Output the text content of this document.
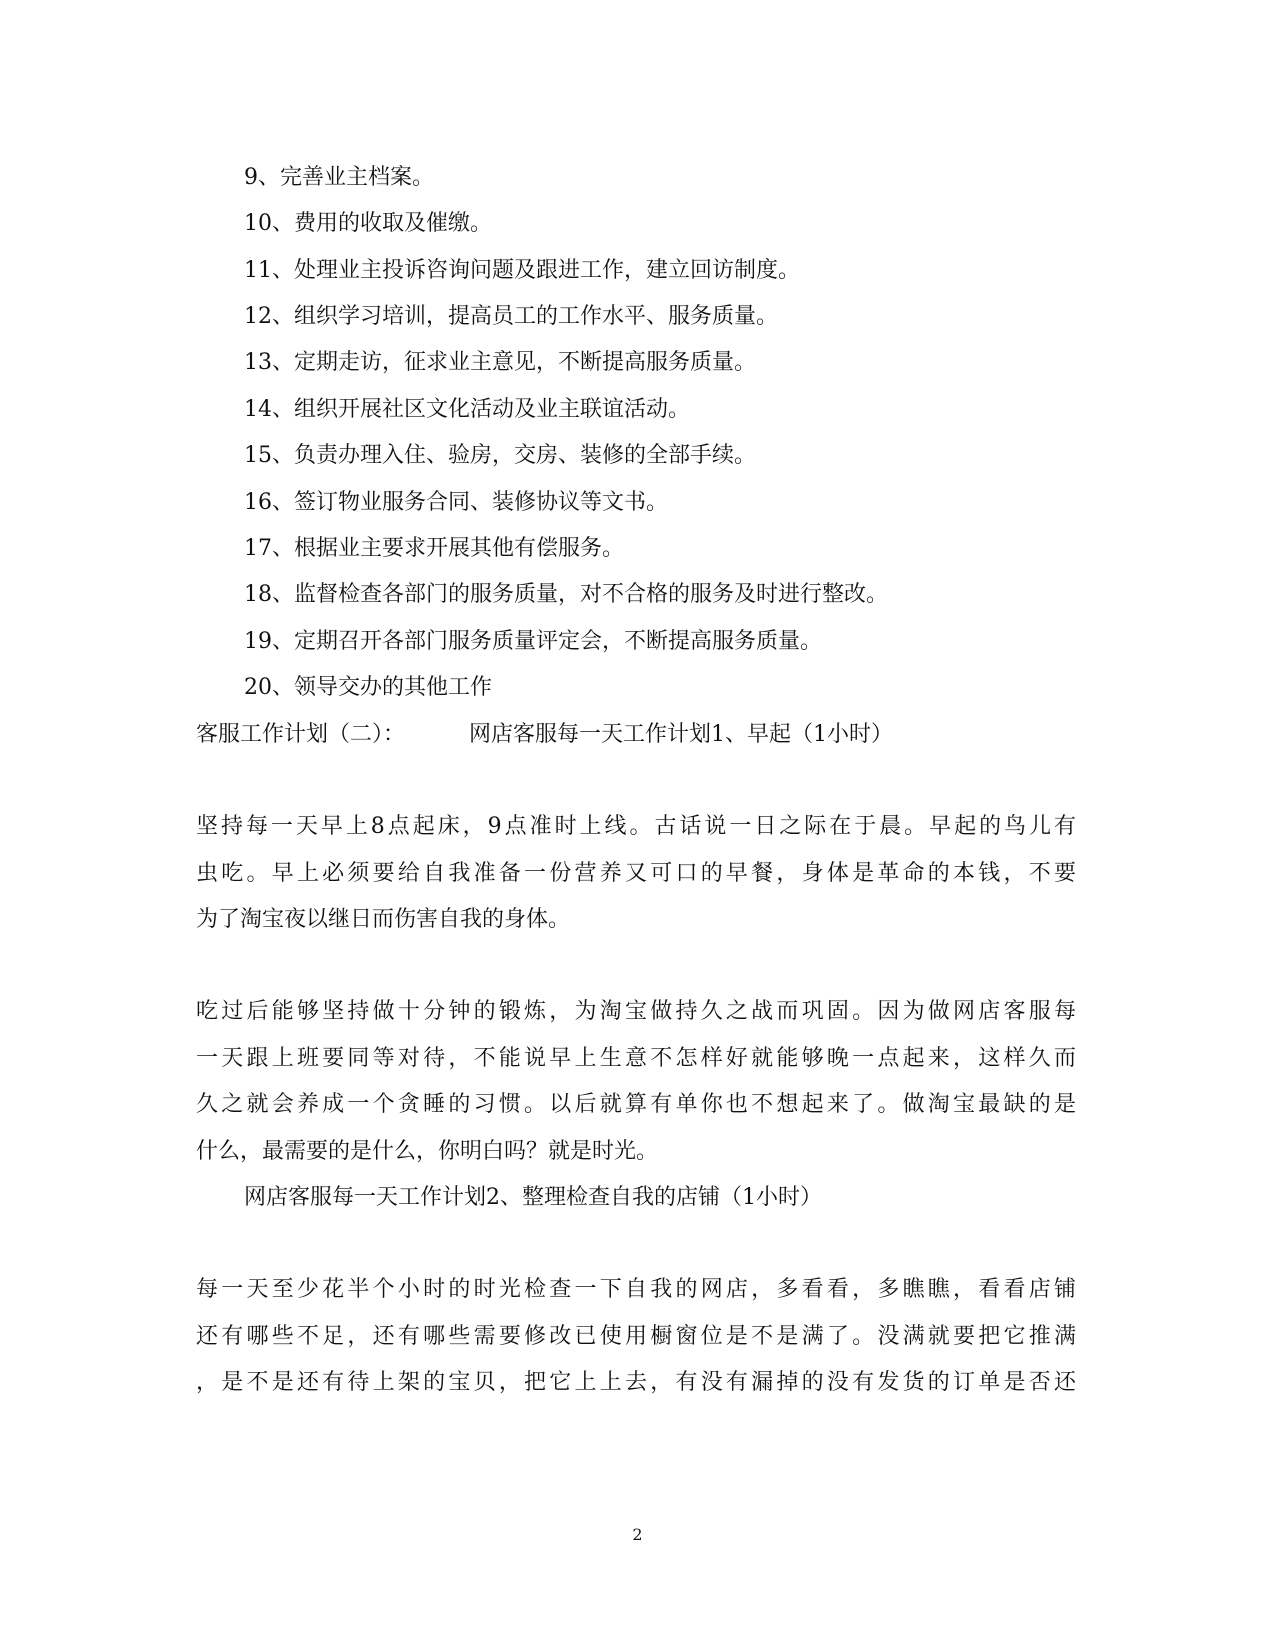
9、完善业主档案。
10、费用的收取及催缴。
11、处理业主投诉咨询问题及跟进工作，建立回访制度。
12、组织学习培训，提高员工的工作水平、服务质量。
13、定期走访，征求业主意见，不断提高服务质量。
14、组织开展社区文化活动及业主联谊活动。
15、负责办理入住、验房，交房、装修的全部手续。
16、签订物业服务合同、装修协议等文书。
17、根据业主要求开展其他有偿服务。
18、监督检查各部门的服务质量，对不合格的服务及时进行整改。
19、定期召开各部门服务质量评定会，不断提高服务质量。
20、领导交办的其他工作
客服工作计划（二）：	网店客服每一天工作计划1、早起（1小时）
坚持每一天早上8点起床，9点准时上线。古话说一日之际在于晨。早起的鸟儿有
虫吃。早上必须要给自我准备一份营养又可口的早餐，身体是革命的本钱，不要
为了淘宝夜以继日而伤害自我的身体。
吃过后能够坚持做十分钟的锻炼，为淘宝做持久之战而巩固。因为做网店客服每
一天跟上班要同等对待，不能说早上生意不怎样好就能够晚一点起来，这样久而
久之就会养成一个贪睡的习惯。以后就算有单你也不想起来了。做淘宝最缺的是
什么，最需要的是什么，你明白吗？就是时光。
网店客服每一天工作计划2、整理检查自我的店铺（1小时）
每一天至少花半个小时的时光检查一下自我的网店，多看看，多瞧瞧，看看店铺
还有哪些不足，还有哪些需要修改已使用橱窗位是不是满了。没满就要把它推满
，是不是还有待上架的宝贝，把它上上去，有没有漏掉的没有发货的订单是否还
2
